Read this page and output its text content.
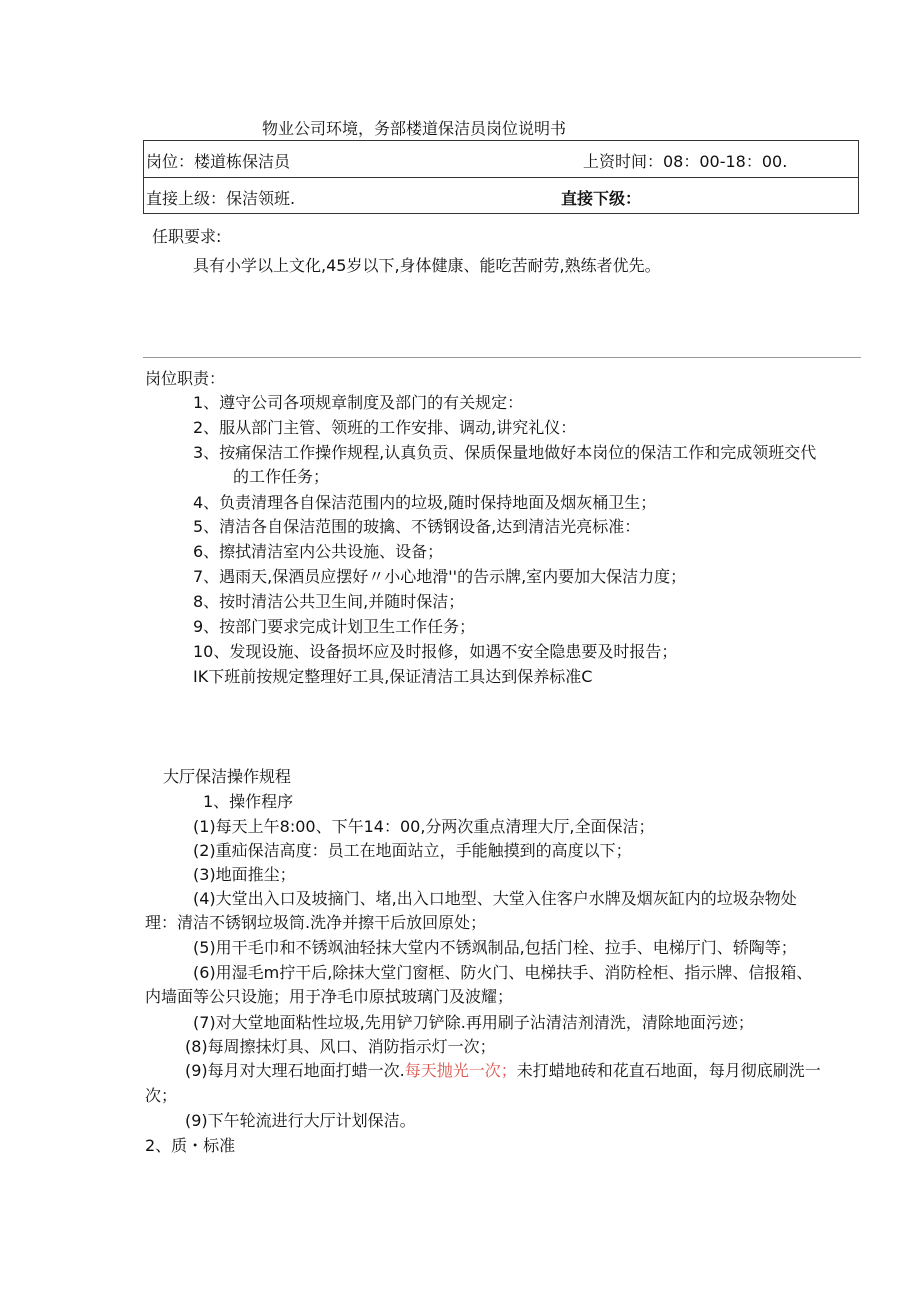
物业公司环境，务部楼道保洁员岗位说明书
岗位：楼道栋保洁员	上资时间：08：00-18：00.
直接上级：保洁领班.	直接下级：
任职要求:
具有小学以上文化,45岁以下,身体健康、能吃苦耐劳,熟练者优先。
岗位职责：
1、遵守公司各项规章制度及部门的有关规定：
2、服从部门主管、领班的工作安排、调动,讲究礼仪：
3、按痛保洁工作操作规程,认真负贡、保质保量地做好本岗位的保洁工作和完成领班交代
的工作任务；
4、负责清理各自保洁范围内的垃圾,随时保持地面及烟灰桶卫生；
5、清洁各自保洁范围的玻擒、不锈钢设备,达到清洁光亮标准：
6、擦拭清洁室内公共设施、设备；
7、遇雨天,保酒员应摆好〃小心地滑''的告示牌,室内要加大保洁力度；
8、按时清洁公共卫生间,并随时保洁；
9、按部门要求完成计划卫生工作任务；
10、发现设施、设备损坏应及时报修，如遇不安全隐患要及时报告；
IK下班前按规定整理好工具,保证清洁工具达到保养标准C
大厅保洁操作规程
1、操作程序
(1)每天上午8:00、下午14：00,分两次重点清理大厅,全面保洁；
(2)重疝保洁高度：员工在地面站立，手能触摸到的高度以下；
(3)地面推尘；
(4)大堂出入口及坡摘门、堵,出入口地型、大堂入住客户水牌及烟灰缸内的垃圾杂物处
理：清洁不锈钢垃圾筒.洗净并擦干后放回原处；
(5)用干毛巾和不锈飒油轻抹大堂内不锈飒制品,包括门栓、拉手、电梯厅门、轿陶等；
(6)用湿毛m拧干后,除抹大堂门窗框、防火门、电梯扶手、消防栓柜、指示牌、信报箱、
内墙面等公只设施；用于净毛巾原拭玻璃门及波耀；
(7)对大堂地面粘性垃圾,先用铲刀铲除.再用刷子沾清洁剂清洗，清除地面污迹；
(8)每周擦抹灯具、风口、消防指示灯一次；
(9)每月对大理石地面打蜡一次.每天抛光一次；未打蜡地砖和花直石地面，每月彻底刷洗一
次；
(9)下午轮流进行大厅计划保洁。
2、质・标准
